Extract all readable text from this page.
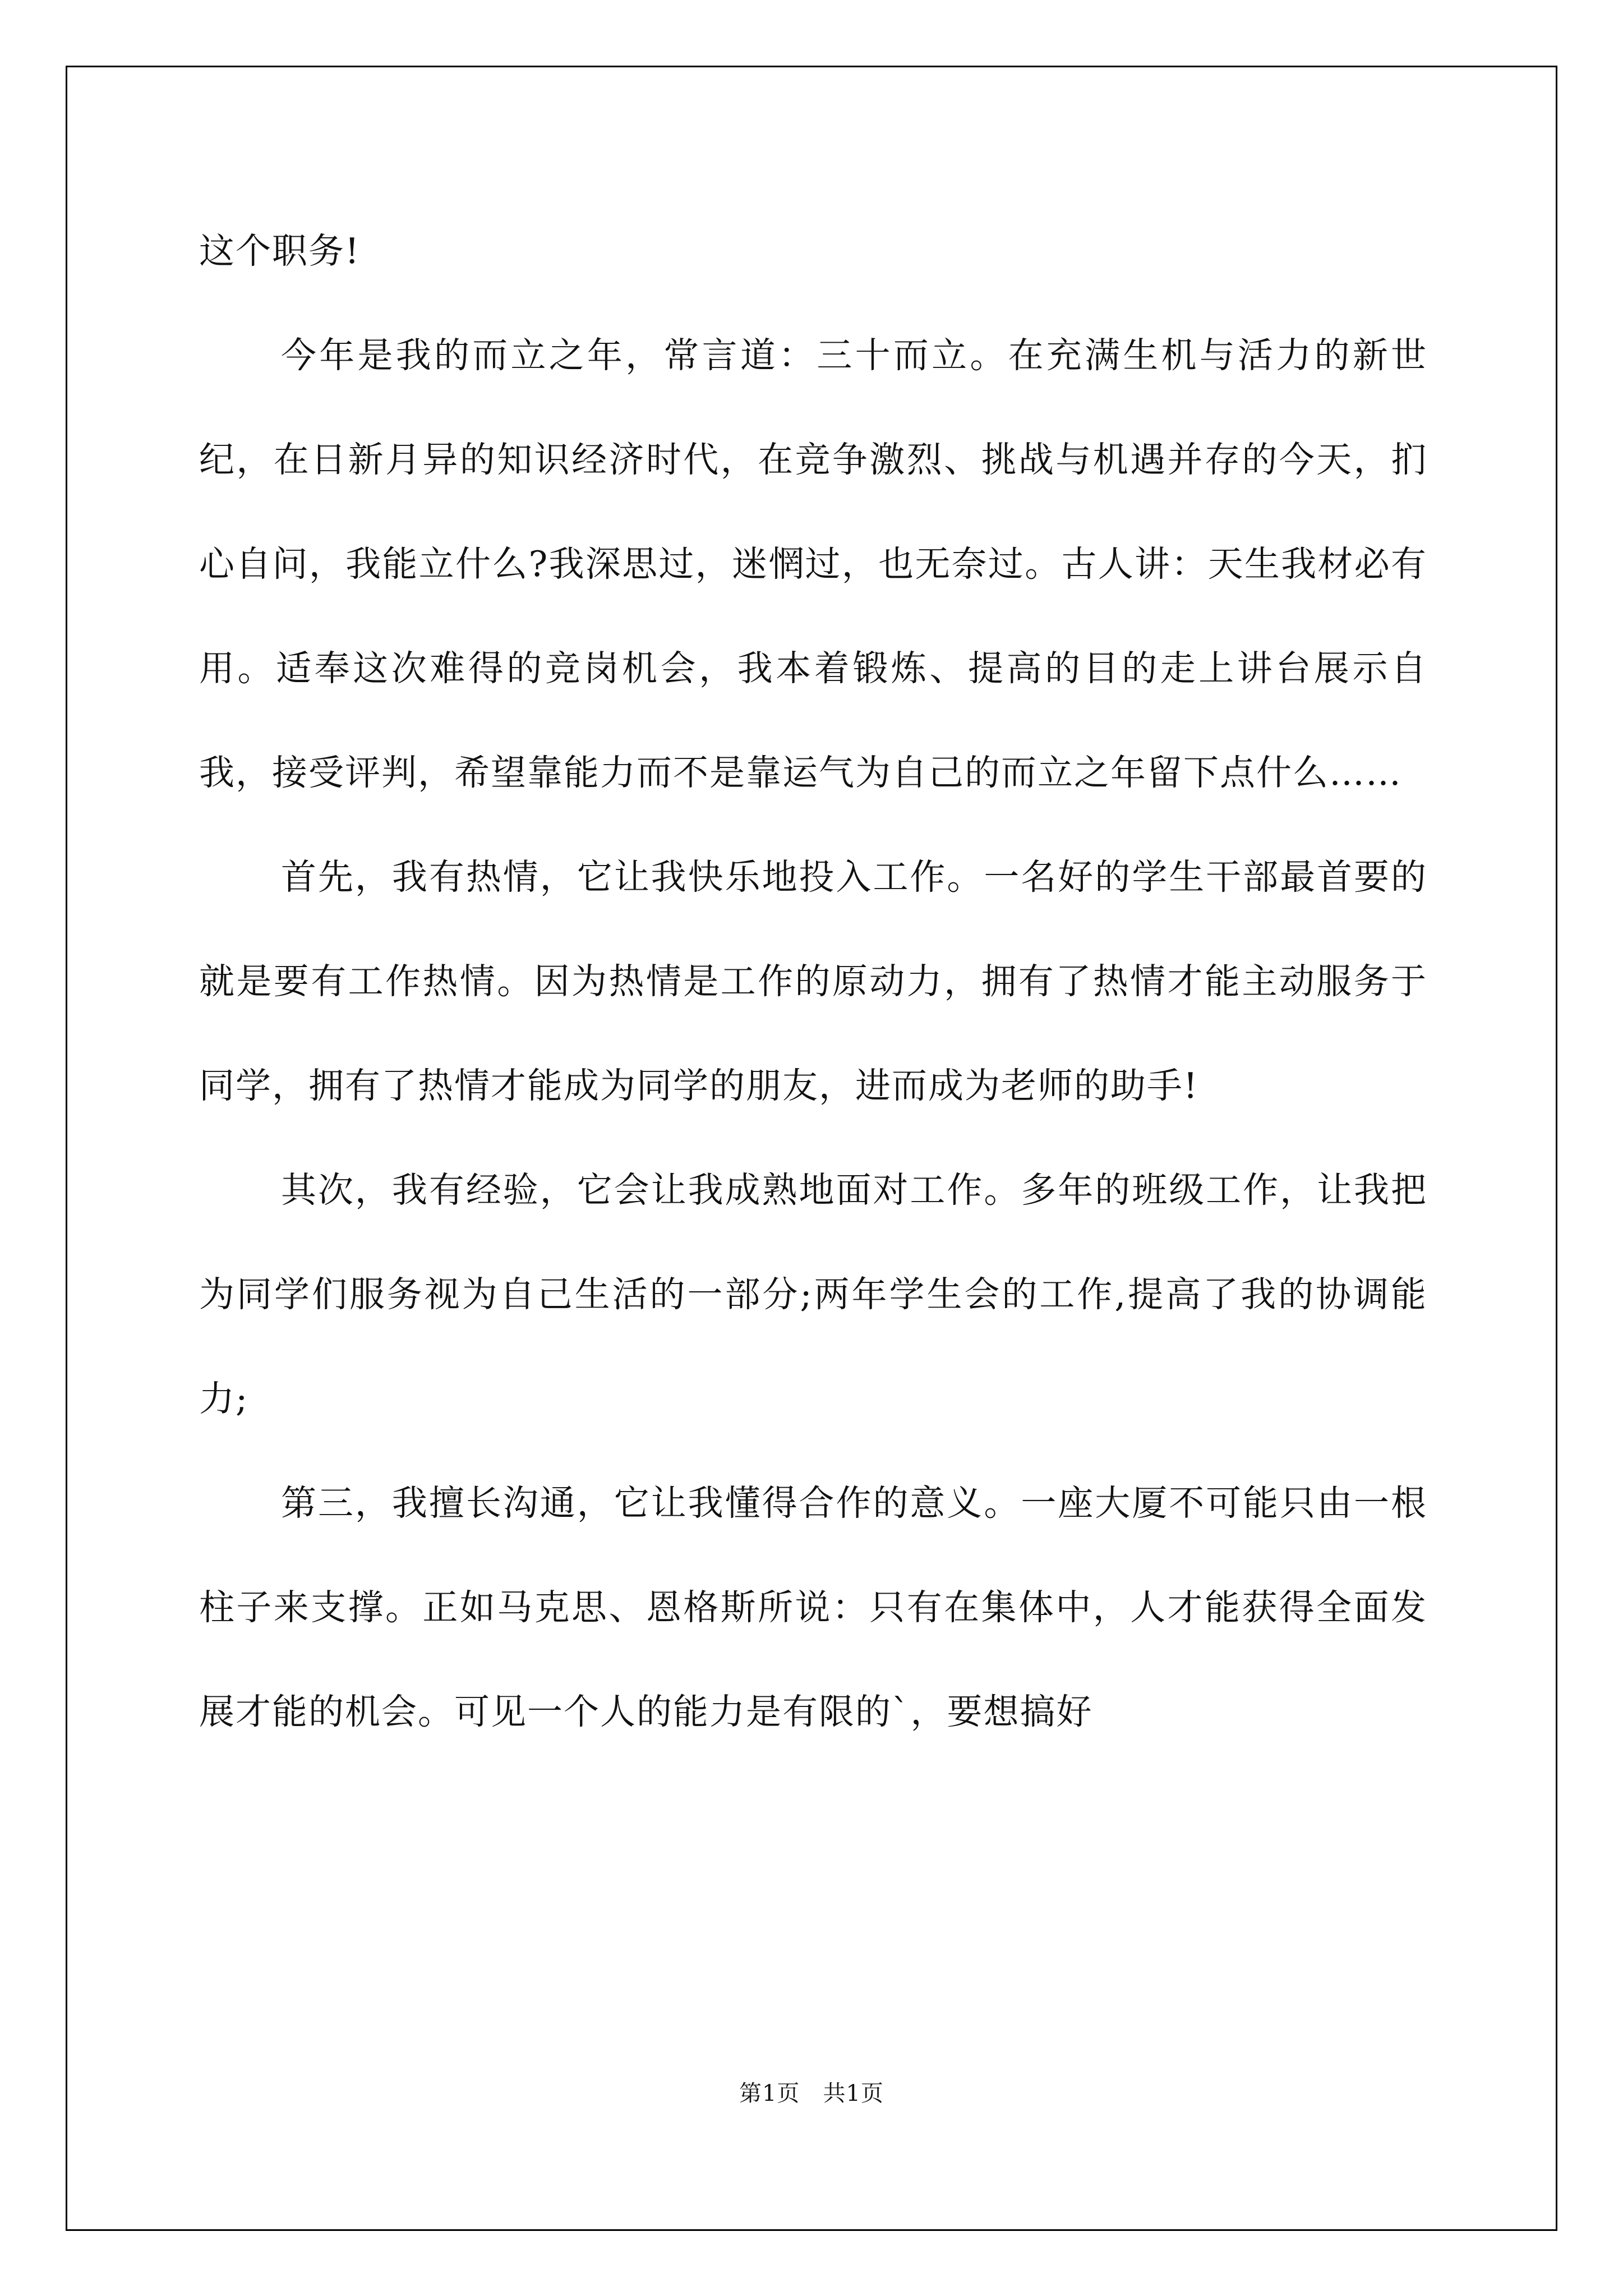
这个职务!

今年是我的而立之年，常言道：三十而立。在充满生机与活力的新世纪，在日新月异的知识经济时代，在竞争激烈、挑战与机遇并存的今天，扪心自问，我能立什么?我深思过，迷惘过，也无奈过。古人讲：天生我材必有用。适奉这次难得的竞岗机会，我本着锻炼、提高的目的走上讲台展示自我，接受评判，希望靠能力而不是靠运气为自己的而立之年留下点什么……

首先，我有热情，它让我快乐地投入工作。一名好的学生干部最首要的就是要有工作热情。因为热情是工作的原动力，拥有了热情才能主动服务于同学，拥有了热情才能成为同学的朋友，进而成为老师的助手!

其次，我有经验，它会让我成熟地面对工作。多年的班级工作，让我把为同学们服务视为自己生活的一部分;两年学生会的工作,提高了我的协调能力;

第三，我擅长沟通，它让我懂得合作的意义。一座大厦不可能只由一根柱子来支撑。正如马克思、恩格斯所说：只有在集体中，人才能获得全面发展才能的机会。可见一个人的能力是有限的`，要想搞好

第1页   共1页
